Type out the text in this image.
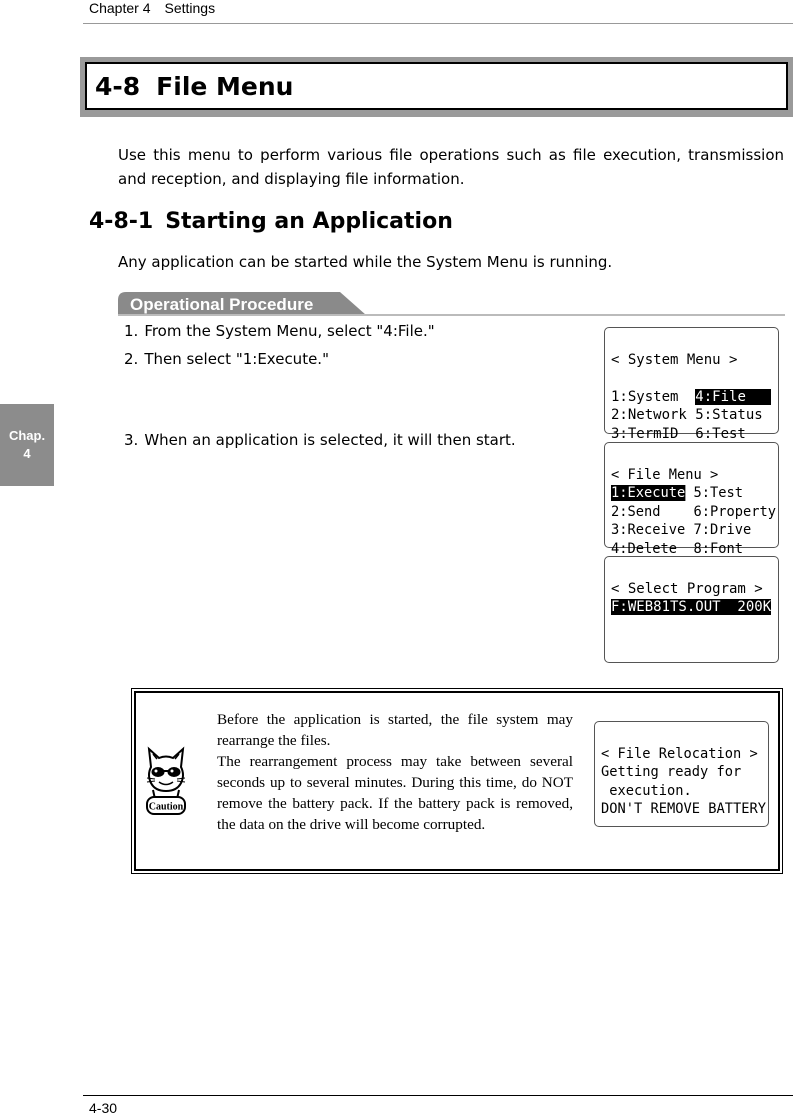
Chapter 4 Settings
4-8 File Menu
Use this menu to perform various file operations such as file execution, transmission and reception, and displaying file information.
4-8-1 Starting an Application
Any application can be started while the System Menu is running.
Operational Procedure
1. From the System Menu, select "4:File."
2. Then select "1:Execute."
3. When an application is selected, it will then start.

< System Menu >
1:System  4:File
2:Network 5:Status
3:TermID  6:Test

< File Menu >
1:Execute 5:Test
2:Send    6:Property
3:Receive 7:Drive
4:Delete  8:Font

< Select Program >
F:WEB81TS.OUT  200K
Chap.
4
Caution

Before the application is started, the file system may rearrange the files.

The rearrangement process may take between several seconds up to several minutes. During this time, do NOT remove the battery pack. If the battery pack is removed, the data on the drive will become corrupted.

< File Relocation >
Getting ready for
execution.
DON'T REMOVE BATTERY
4-30
